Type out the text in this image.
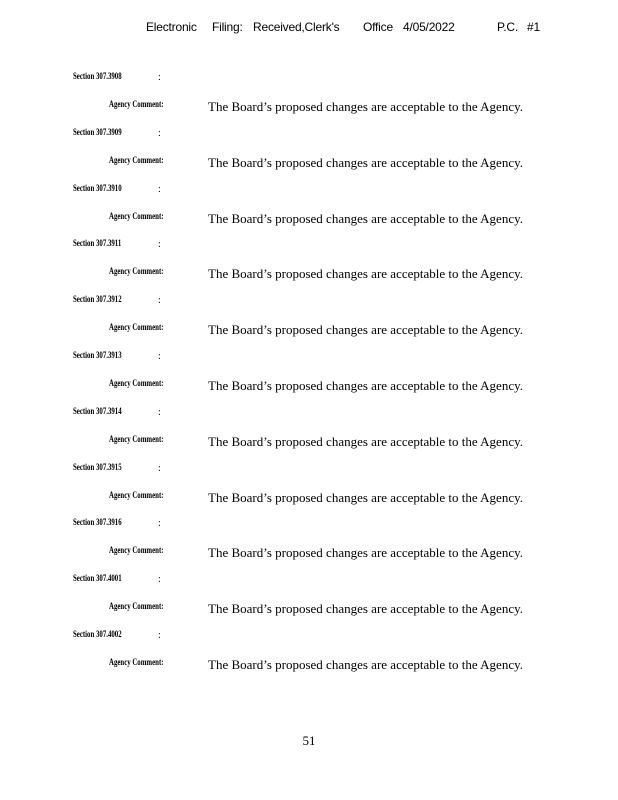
Electronic Filing: Received,Clerk's Office 4/05/2022	P.C. #1
Section 307.3908	:
Agency Comment:	The Board’s proposed changes are acceptable to the Agency.
Section 307.3909	:
Agency Comment:	The Board’s proposed changes are acceptable to the Agency.
Section 307.3910	:
Agency Comment:	The Board’s proposed changes are acceptable to the Agency.
Section 307.3911	:
Agency Comment:	The Board’s proposed changes are acceptable to the Agency.
Section 307.3912	:
Agency Comment:	The Board’s proposed changes are acceptable to the Agency.
Section 307.3913	:
Agency Comment:	The Board’s proposed changes are acceptable to the Agency.
Section 307.3914	:
Agency Comment:	The Board’s proposed changes are acceptable to the Agency.
Section 307.3915	:
Agency Comment:	The Board’s proposed changes are acceptable to the Agency.
Section 307.3916	:
Agency Comment:	The Board’s proposed changes are acceptable to the Agency.
Section 307.4001	:
Agency Comment:	The Board’s proposed changes are acceptable to the Agency.
Section 307.4002	:
Agency Comment:	The Board’s proposed changes are acceptable to the Agency.
51
